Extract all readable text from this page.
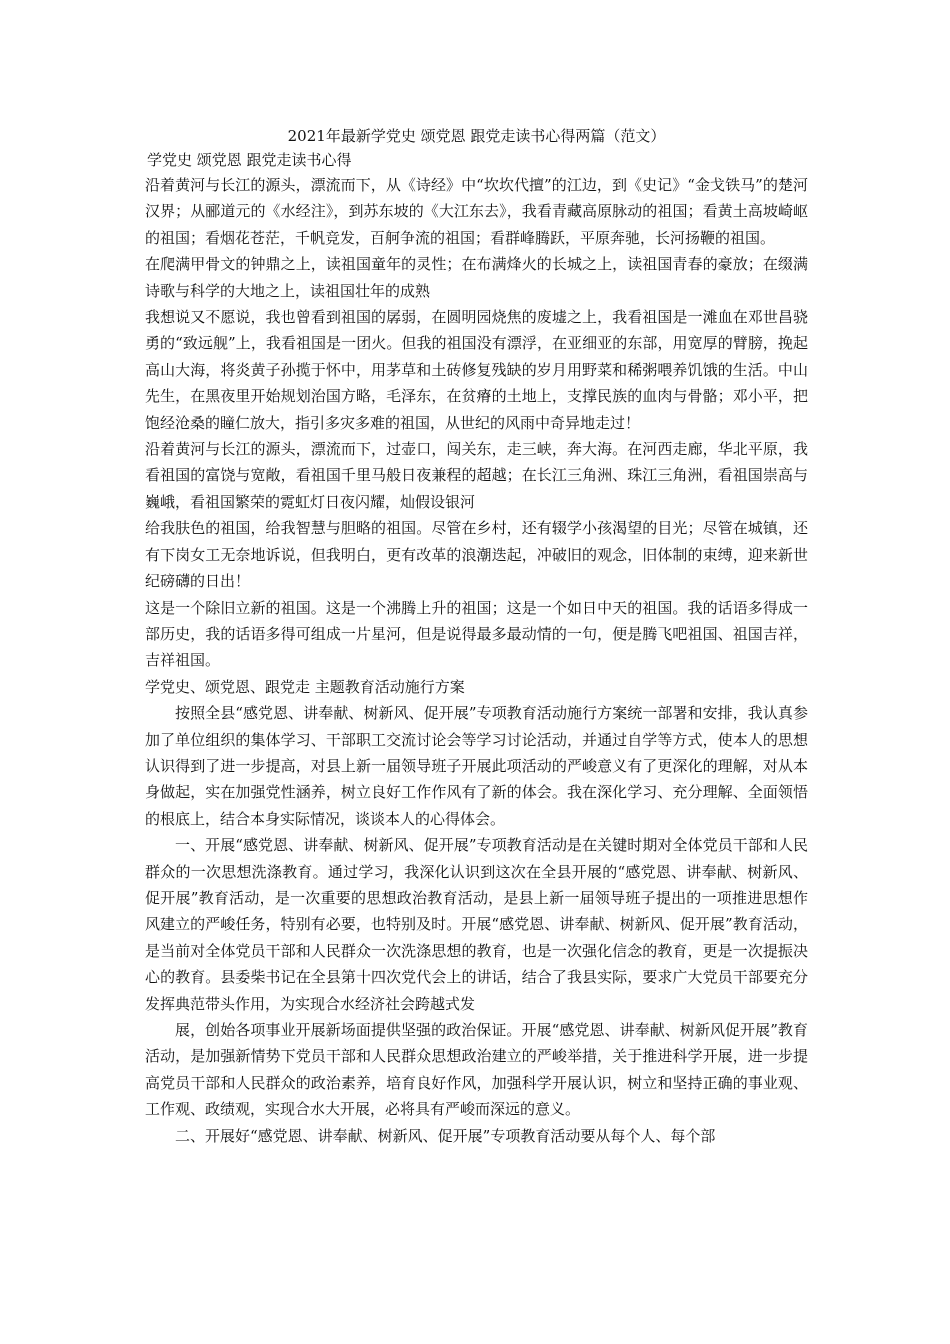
2021年最新学党史 颂党恩 跟党走读书心得两篇（范文）
学党史 颂党恩 跟党走读书心得

沿着黄河与长江的源头，漂流而下，从《诗经》中“坎坎代擅”的江边，到《史记》“金戈铁马”的楚河汉界；从郦道元的《水经注》，到苏东坡的《大江东去》，我看青藏高原脉动的祖国；看黄土高坡崎岖的祖国；看烟花苍茫，千帆竞发，百舸争流的祖国；看群峰腾跃，平原奔驰，长河扬鞭的祖国。

在爬满甲骨文的钟鼎之上，读祖国童年的灵性；在布满烽火的长城之上，读祖国青春的豪放；在缀满诗歌与科学的大地之上，读祖国壮年的成熟

我想说又不愿说，我也曾看到祖国的孱弱，在圆明园烧焦的废墟之上，我看祖国是一滩血在邓世昌骁勇的“致远舰”上，我看祖国是一团火。但我的祖国没有漂浮，在亚细亚的东部，用宽厚的臂膀，挽起高山大海，将炎黄子孙揽于怀中，用茅草和土砖修复残缺的岁月用野菜和稀粥喂养饥饿的生活。中山先生，在黑夜里开始规划治国方略，毛泽东，在贫瘠的土地上，支撑民族的血肉与骨骼；邓小平，把饱经沧桑的瞳仁放大，指引多灾多难的祖国，从世纪的风雨中奇异地走过！

沿着黄河与长江的源头，漂流而下，过壶口，闯关东，走三峡，奔大海。在河西走廊，华北平原，我看祖国的富饶与宽敞，看祖国千里马般日夜兼程的超越；在长江三角洲、珠江三角洲，看祖国崇高与巍峨，看祖国繁荣的霓虹灯日夜闪耀，灿假设银河

给我肤色的祖国，给我智慧与胆略的祖国。尽管在乡村，还有辍学小孩渴望的目光；尽管在城镇，还有下岗女工无奈地诉说，但我明白，更有改革的浪潮迭起，冲破旧的观念，旧体制的束缚，迎来新世纪磅礴的日出！

这是一个除旧立新的祖国。这是一个沸腾上升的祖国；这是一个如日中天的祖国。我的话语多得成一部历史，我的话语多得可组成一片星河，但是说得最多最动情的一句，便是腾飞吧祖国、祖国吉祥，吉祥祖国。

学党史、颂党恩、跟党走 主题教育活动施行方案

按照全县“感党恩、讲奉献、树新风、促开展”专项教育活动施行方案统一部署和安排，我认真参加了单位组织的集体学习、干部职工交流讨论会等学习讨论活动，并通过自学等方式，使本人的思想认识得到了进一步提高，对县上新一届领导班子开展此项活动的严峻意义有了更深化的理解，对从本身做起，实在加强党性涵养，树立良好工作作风有了新的体会。我在深化学习、充分理解、全面领悟的根底上，结合本身实际情况，谈谈本人的心得体会。

一、开展“感党恩、讲奉献、树新风、促开展”专项教育活动是在关键时期对全体党员干部和人民群众的一次思想洗涤教育。通过学习，我深化认识到这次在全县开展的“感党恩、讲奉献、树新风、促开展”教育活动，是一次重要的思想政治教育活动，是县上新一届领导班子提出的一项推进思想作风建立的严峻任务，特别有必要，也特别及时。开展“感党恩、讲奉献、树新风、促开展”教育活动，是当前对全体党员干部和人民群众一次洗涤思想的教育，也是一次强化信念的教育，更是一次提振决心的教育。县委柴书记在全县第十四次党代会上的讲话，结合了我县实际，要求广大党员干部要充分发挥典范带头作用，为实现合水经济社会跨越式发

展，创始各项事业开展新场面提供坚强的政治保证。开展“感党恩、讲奉献、树新风促开展”教育活动，是加强新情势下党员干部和人民群众思想政治建立的严峻举措，关于推进科学开展，进一步提高党员干部和人民群众的政治素养，培育良好作风，加强科学开展认识，树立和坚持正确的事业观、工作观、政绩观，实现合水大开展，必将具有严峻而深远的意义。

二、开展好“感党恩、讲奉献、树新风、促开展”专项教育活动要从每个人、每个部
